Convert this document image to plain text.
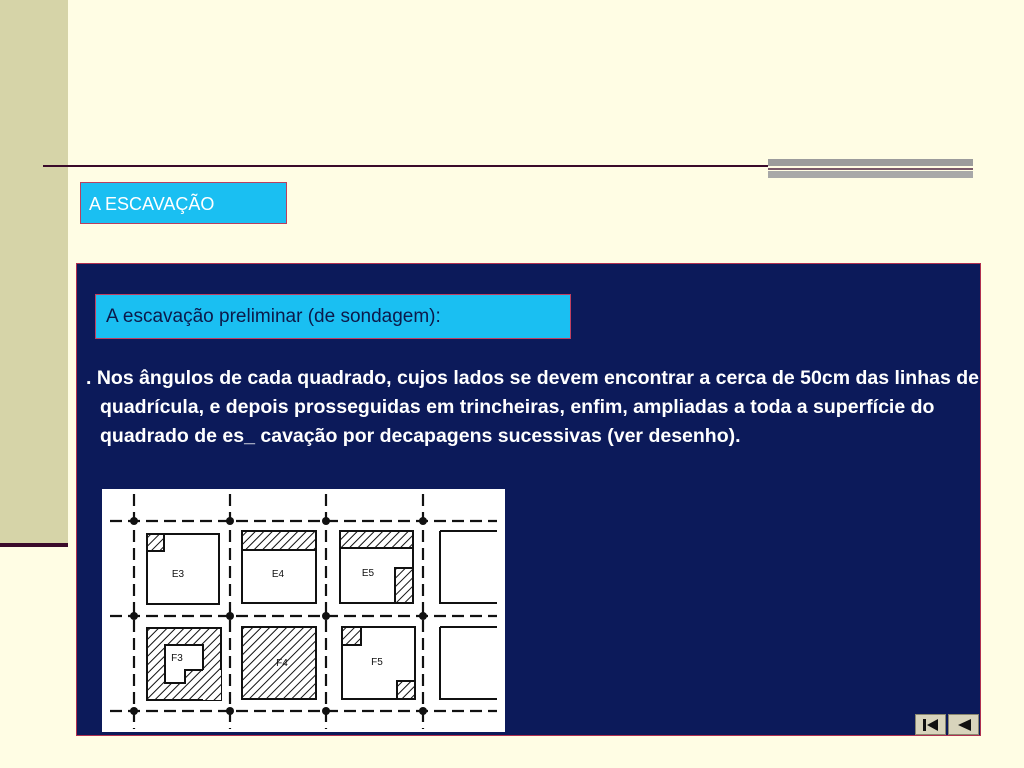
A ESCAVAÇÃO
A escavação preliminar (de sondagem):
. Nos ângulos de cada quadrado, cujos lados se devem encontrar a cerca de 50cm das linhas de quadrícula, e depois prosseguidas em trincheiras, enfim, ampliadas a toda a superfície do quadrado de es_ cavação por decapagens sucessivas (ver desenho).
E3	E4	E5
F3	F4	F5
